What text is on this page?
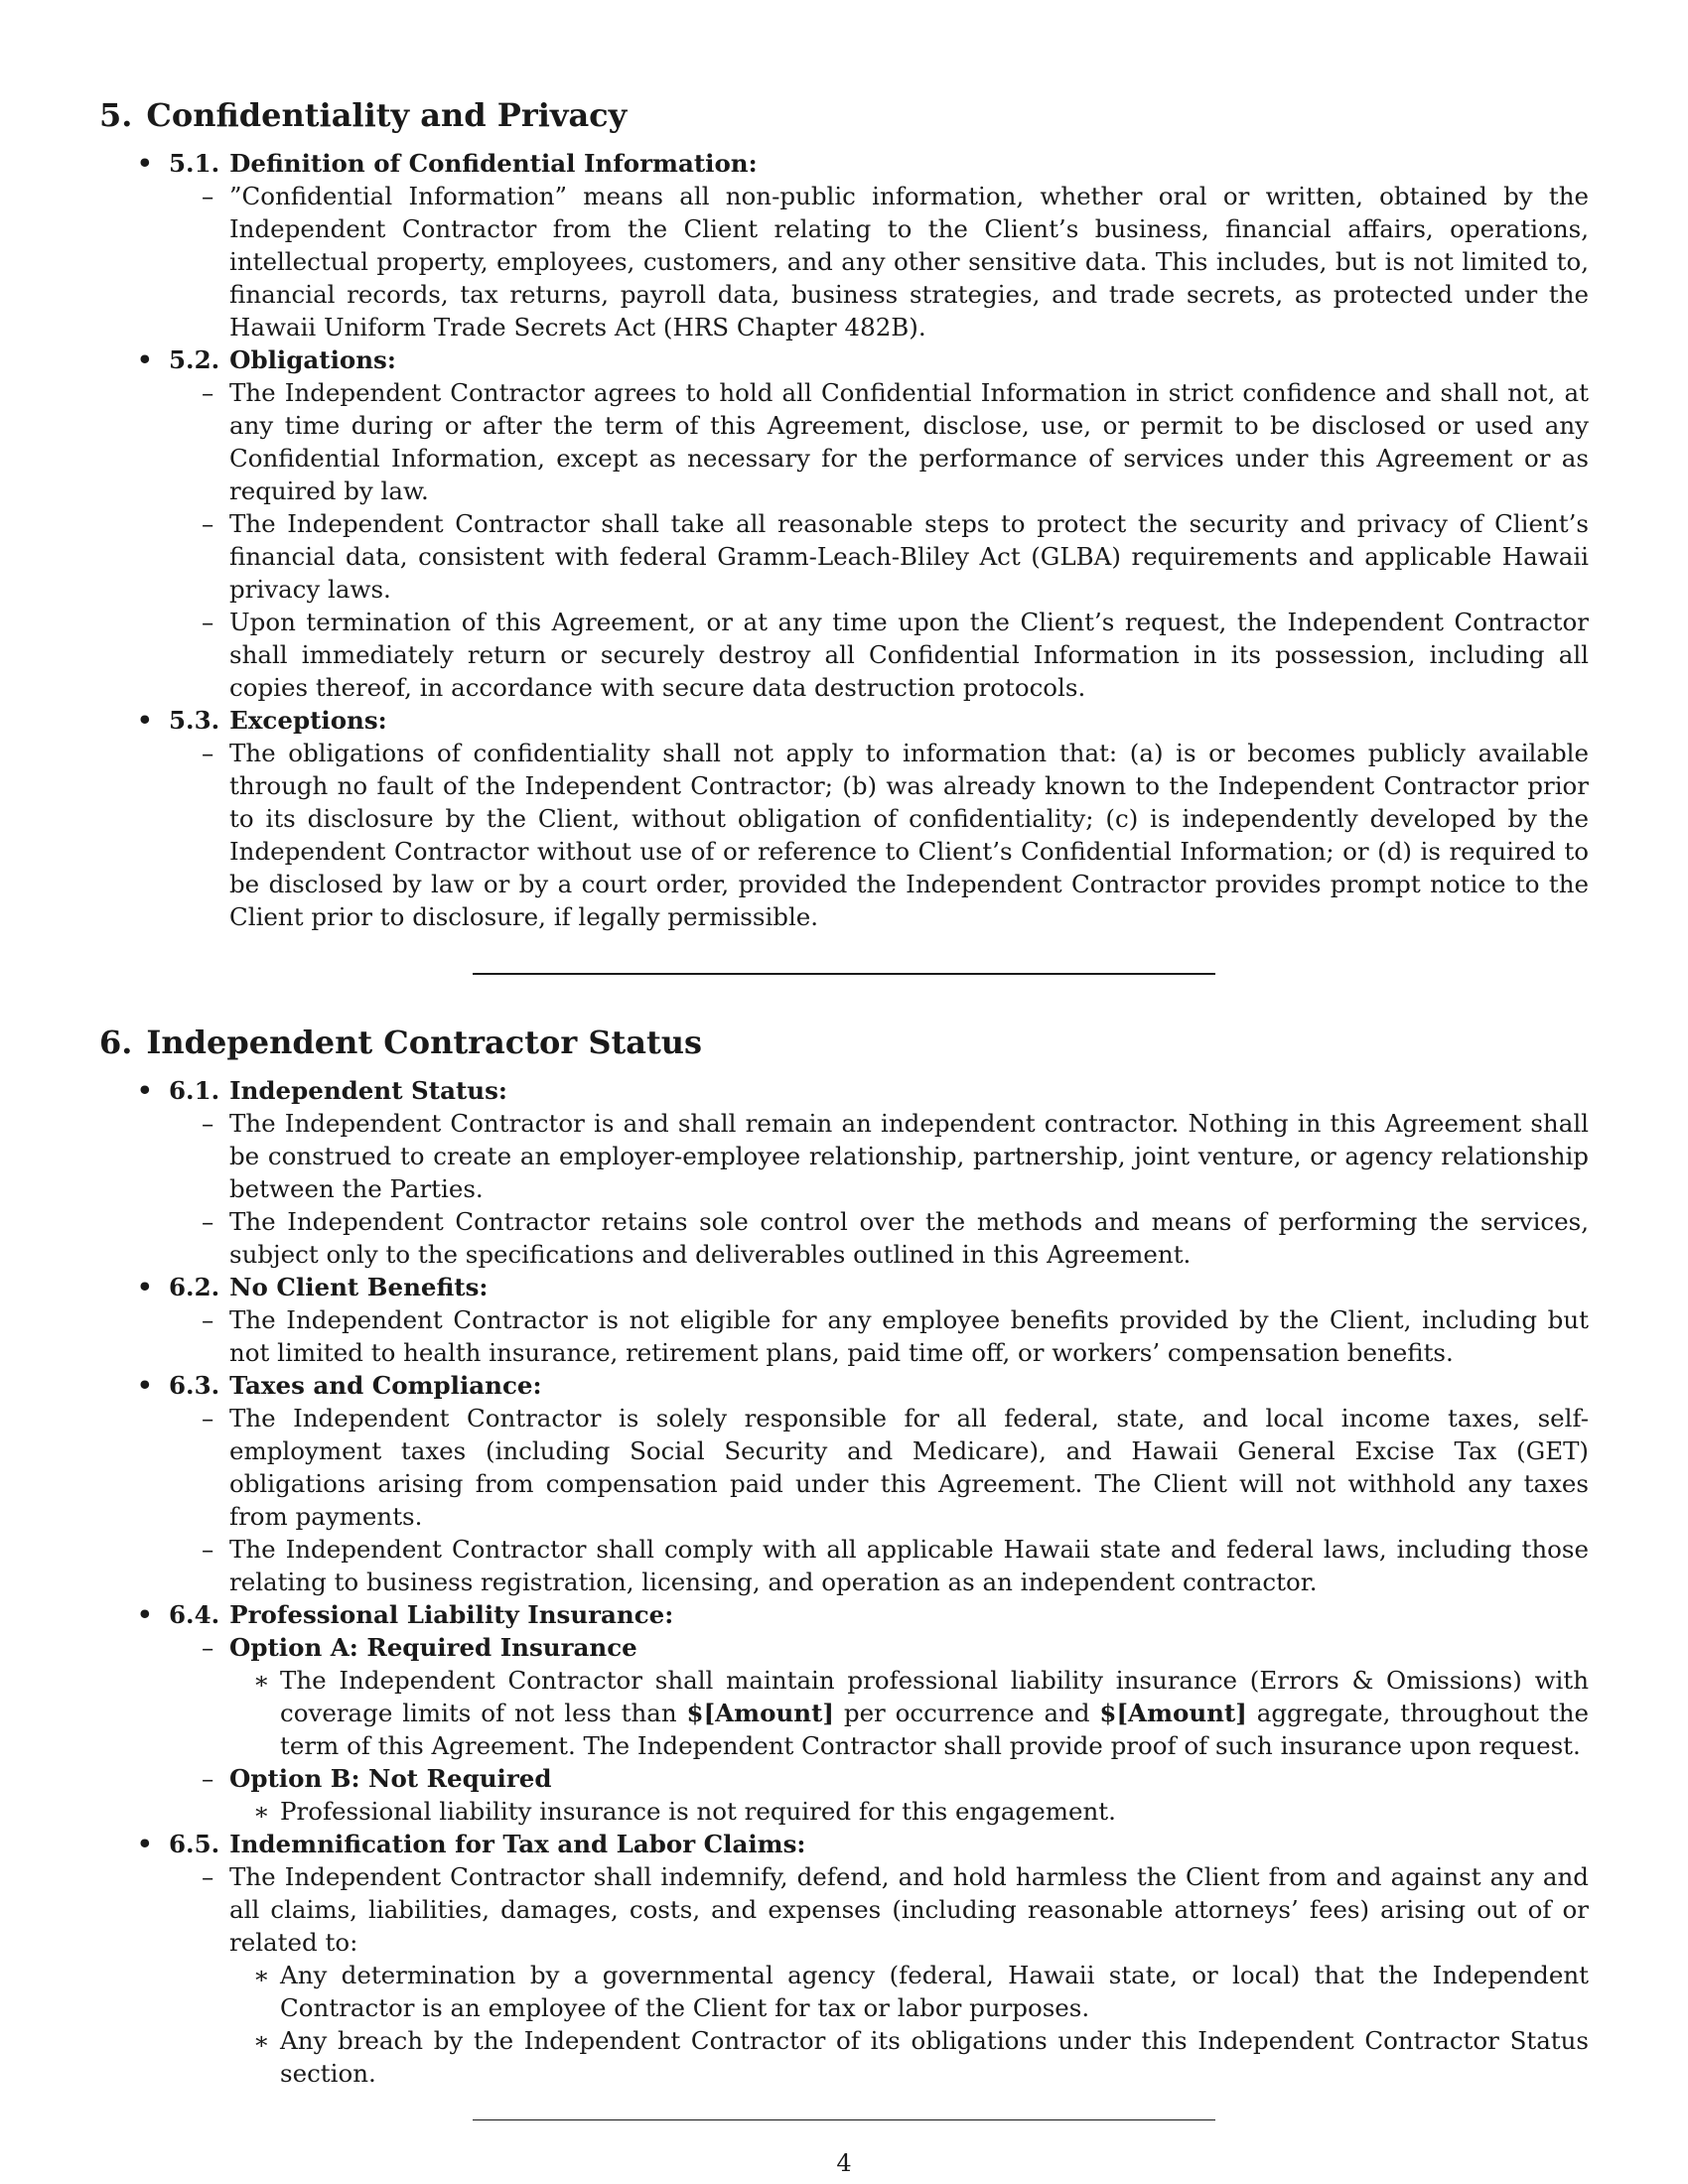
5. Confidentiality and Privacy
• 5.1. Definition of Confidential Information:
– ”Confidential Information” means all non-public information, whether oral or written, obtained by the Independent Contractor from the Client relating to the Client’s business, financial affairs, operations, intellectual property, employees, customers, and any other sensitive data. This includes, but is not limited to, financial records, tax returns, payroll data, business strategies, and trade secrets, as protected under the Hawaii Uniform Trade Secrets Act (HRS Chapter 482B).
• 5.2. Obligations:
– The Independent Contractor agrees to hold all Confidential Information in strict confidence and shall not, at any time during or after the term of this Agreement, disclose, use, or permit to be disclosed or used any Confidential Information, except as necessary for the performance of services under this Agreement or as required by law.
– The Independent Contractor shall take all reasonable steps to protect the security and privacy of Client’s financial data, consistent with federal Gramm-Leach-Bliley Act (GLBA) requirements and applicable Hawaii privacy laws.
– Upon termination of this Agreement, or at any time upon the Client’s request, the Independent Contractor shall immediately return or securely destroy all Confidential Information in its possession, including all copies thereof, in accordance with secure data destruction protocols.
• 5.3. Exceptions:
– The obligations of confidentiality shall not apply to information that: (a) is or becomes publicly available through no fault of the Independent Contractor; (b) was already known to the Independent Contractor prior to its disclosure by the Client, without obligation of confidentiality; (c) is independently developed by the Independent Contractor without use of or reference to Client’s Confidential Information; or (d) is required to be disclosed by law or by a court order, provided the Independent Contractor provides prompt notice to the Client prior to disclosure, if legally permissible.
6. Independent Contractor Status
• 6.1. Independent Status:
– The Independent Contractor is and shall remain an independent contractor. Nothing in this Agreement shall be construed to create an employer-employee relationship, partnership, joint venture, or agency relationship between the Parties.
– The Independent Contractor retains sole control over the methods and means of performing the services, subject only to the specifications and deliverables outlined in this Agreement.
• 6.2. No Client Benefits:
– The Independent Contractor is not eligible for any employee benefits provided by the Client, including but not limited to health insurance, retirement plans, paid time off, or workers’ compensation benefits.
• 6.3. Taxes and Compliance:
– The Independent Contractor is solely responsible for all federal, state, and local income taxes, self-employment taxes (including Social Security and Medicare), and Hawaii General Excise Tax (GET) obligations arising from compensation paid under this Agreement. The Client will not withhold any taxes from payments.
– The Independent Contractor shall comply with all applicable Hawaii state and federal laws, including those relating to business registration, licensing, and operation as an independent contractor.
• 6.4. Professional Liability Insurance:
– Option A: Required Insurance
∗ The Independent Contractor shall maintain professional liability insurance (Errors & Omissions) with coverage limits of not less than $[Amount] per occurrence and $[Amount] aggregate, throughout the term of this Agreement. The Independent Contractor shall provide proof of such insurance upon request.
– Option B: Not Required
∗ Professional liability insurance is not required for this engagement.
• 6.5. Indemnification for Tax and Labor Claims:
– The Independent Contractor shall indemnify, defend, and hold harmless the Client from and against any and all claims, liabilities, damages, costs, and expenses (including reasonable attorneys’ fees) arising out of or related to:
∗ Any determination by a governmental agency (federal, Hawaii state, or local) that the Independent Contractor is an employee of the Client for tax or labor purposes.
∗ Any breach by the Independent Contractor of its obligations under this Independent Contractor Status section.
4
